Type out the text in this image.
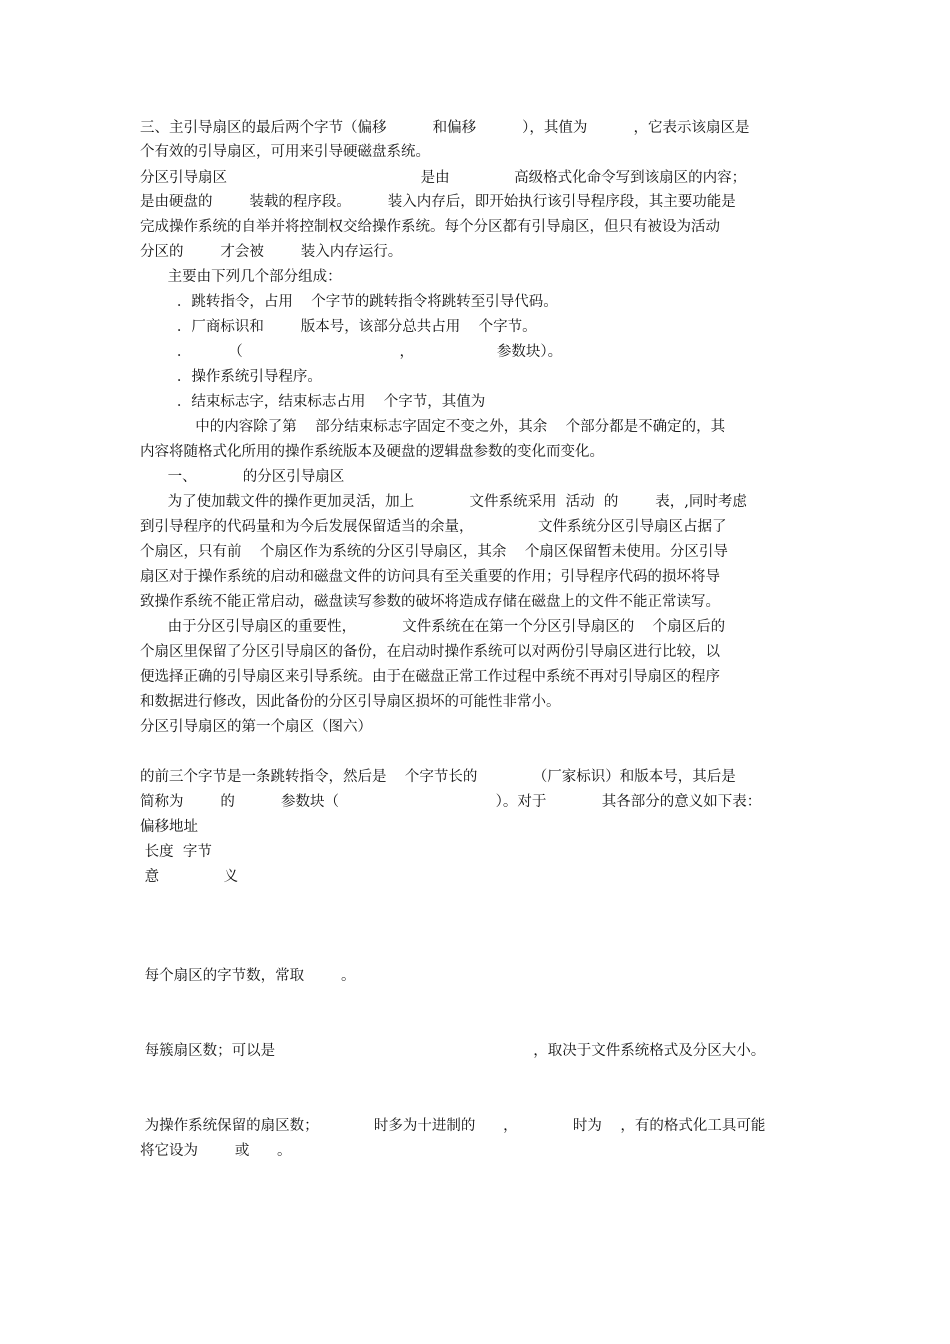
三、主引导扇区的最后两个字节（偏移          和偏移          ），其值为          ，它表示该扇区是
个有效的引导扇区，可用来引导硬磁盘系统。
分区引导扇区                                          是由              高级格式化命令写到该扇区的内容；
是由硬盘的        装载的程序段。        装入内存后，即开始执行该引导程序段，其主要功能是
完成操作系统的自举并将控制权交给操作系统。每个分区都有引导扇区，但只有被设为活动
分区的        才会被        装入内存运行。
主要由下列几个部分组成：
．跳转指令，占用    个字节的跳转指令将跳转至引导代码。
．厂商标识和        版本号，该部分总共占用    个字节。
．        （                                  ，                  参数块）。
．操作系统引导程序。
．结束标志字，结束标志占用    个字节，其值为
中的内容除了第    部分结束标志字固定不变之外，其余    个部分都是不确定的，其
内容将随格式化所用的操作系统版本及硬盘的逻辑盘参数的变化而变化。
一、          的分区引导扇区
为了使加载文件的操作更加灵活，加上            文件系统采用  活动  的        表，,同时考虑
到引导程序的代码量和为今后发展保留适当的余量，              文件系统分区引导扇区占据了
个扇区，只有前    个扇区作为系统的分区引导扇区，其余    个扇区保留暂未使用。分区引导
扇区对于操作系统的启动和磁盘文件的访问具有至关重要的作用；引导程序代码的损坏将导
致操作系统不能正常启动，磁盘读写参数的破坏将造成存储在磁盘上的文件不能正常读写。
由于分区引导扇区的重要性，          文件系统在在第一个分区引导扇区的    个扇区后的
个扇区里保留了分区引导扇区的备份，在启动时操作系统可以对两份引导扇区进行比较，以
便选择正确的引导扇区来引导系统。由于在磁盘正常工作过程中系统不再对引导扇区的程序
和数据进行修改，因此备份的分区引导扇区损坏的可能性非常小。
分区引导扇区的第一个扇区（图六）
的前三个字节是一条跳转指令，然后是    个字节长的            （厂家标识）和版本号，其后是
简称为        的          参数块（                                  ）。对于            其各部分的意义如下表：
偏移地址
长度  字节
意              义
每个扇区的字节数，常取        。
每簇扇区数；可以是                                                        ，取决于文件系统格式及分区大小。
为操作系统保留的扇区数；            时多为十进制的      ，            时为    ，有的格式化工具可能
将它设为        或      。
